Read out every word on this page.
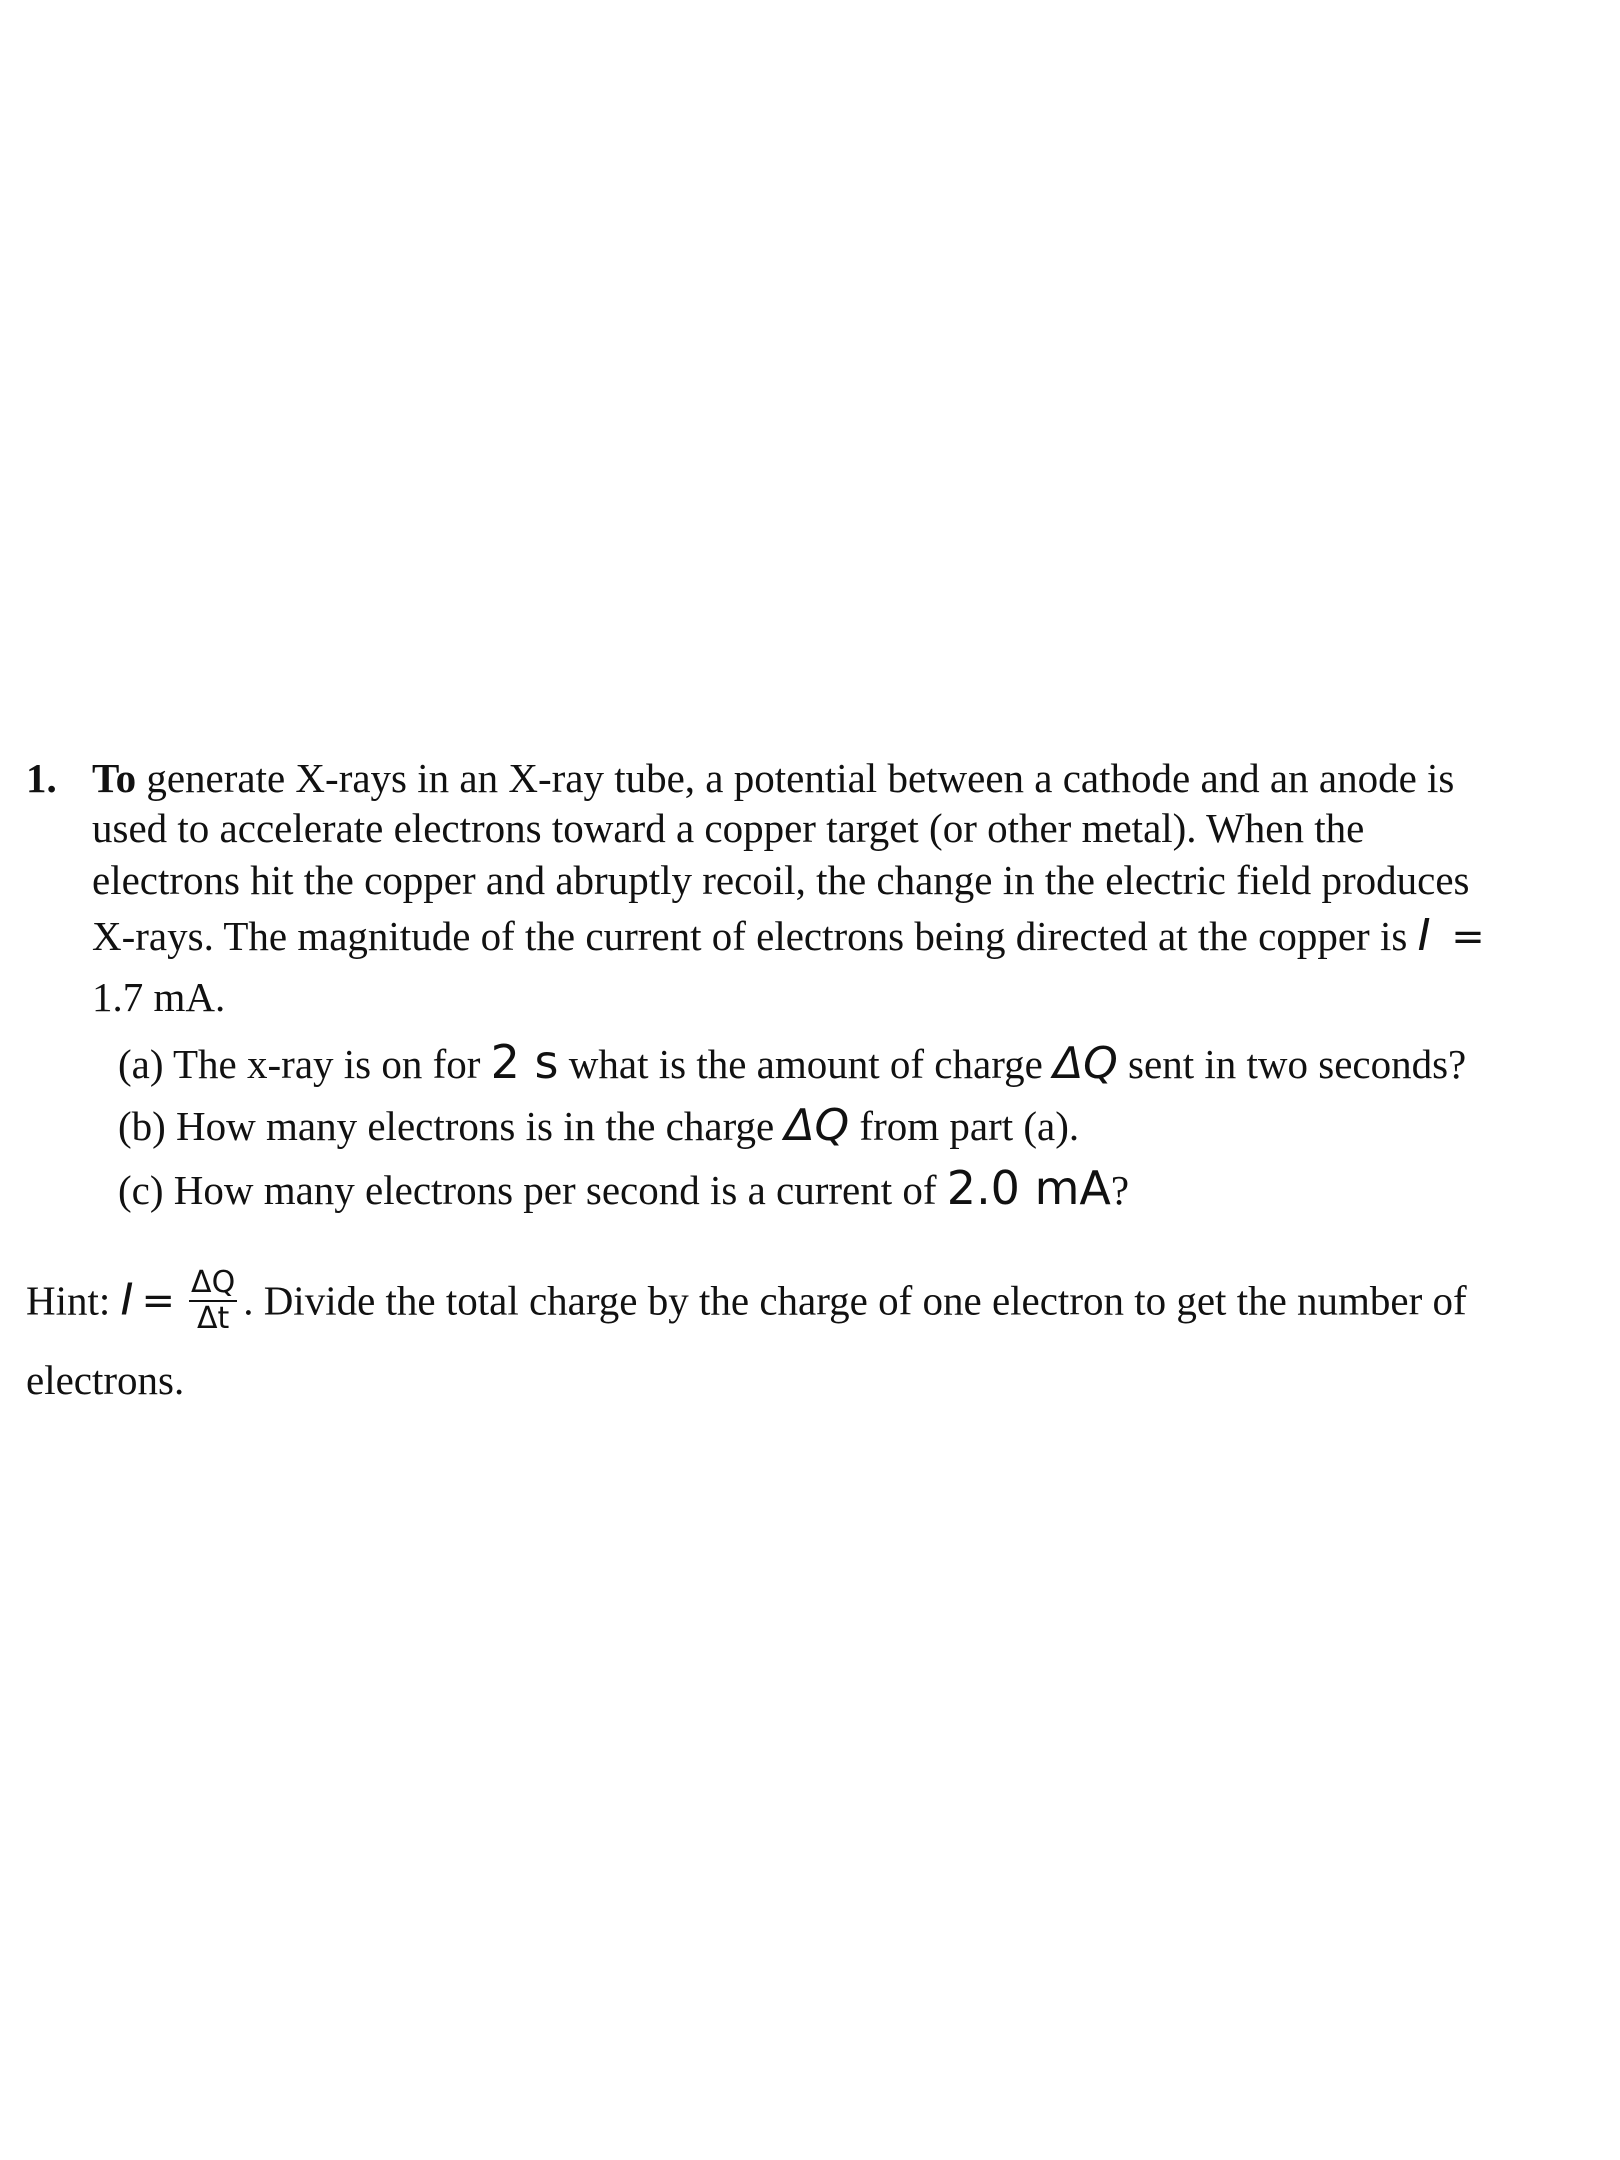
1. To generate X-rays in an X-ray tube, a potential between a cathode and an anode is
used to accelerate electrons toward a copper target (or other metal). When the
electrons hit the copper and abruptly recoil, the change in the electric field produces
X-rays. The magnitude of the current of electrons being directed at the copper is I =
1.7 mA.
(a) The x-ray is on for 2 s what is the amount of charge ΔQ sent in two seconds?
(b) How many electrons is in the charge ΔQ from part (a).
(c) How many electrons per second is a current of 2.0 mA?
Hint: $I = \frac{\Delta Q}{\Delta t}$ . Divide the total charge by the charge of one electron to get the number of
electrons.
